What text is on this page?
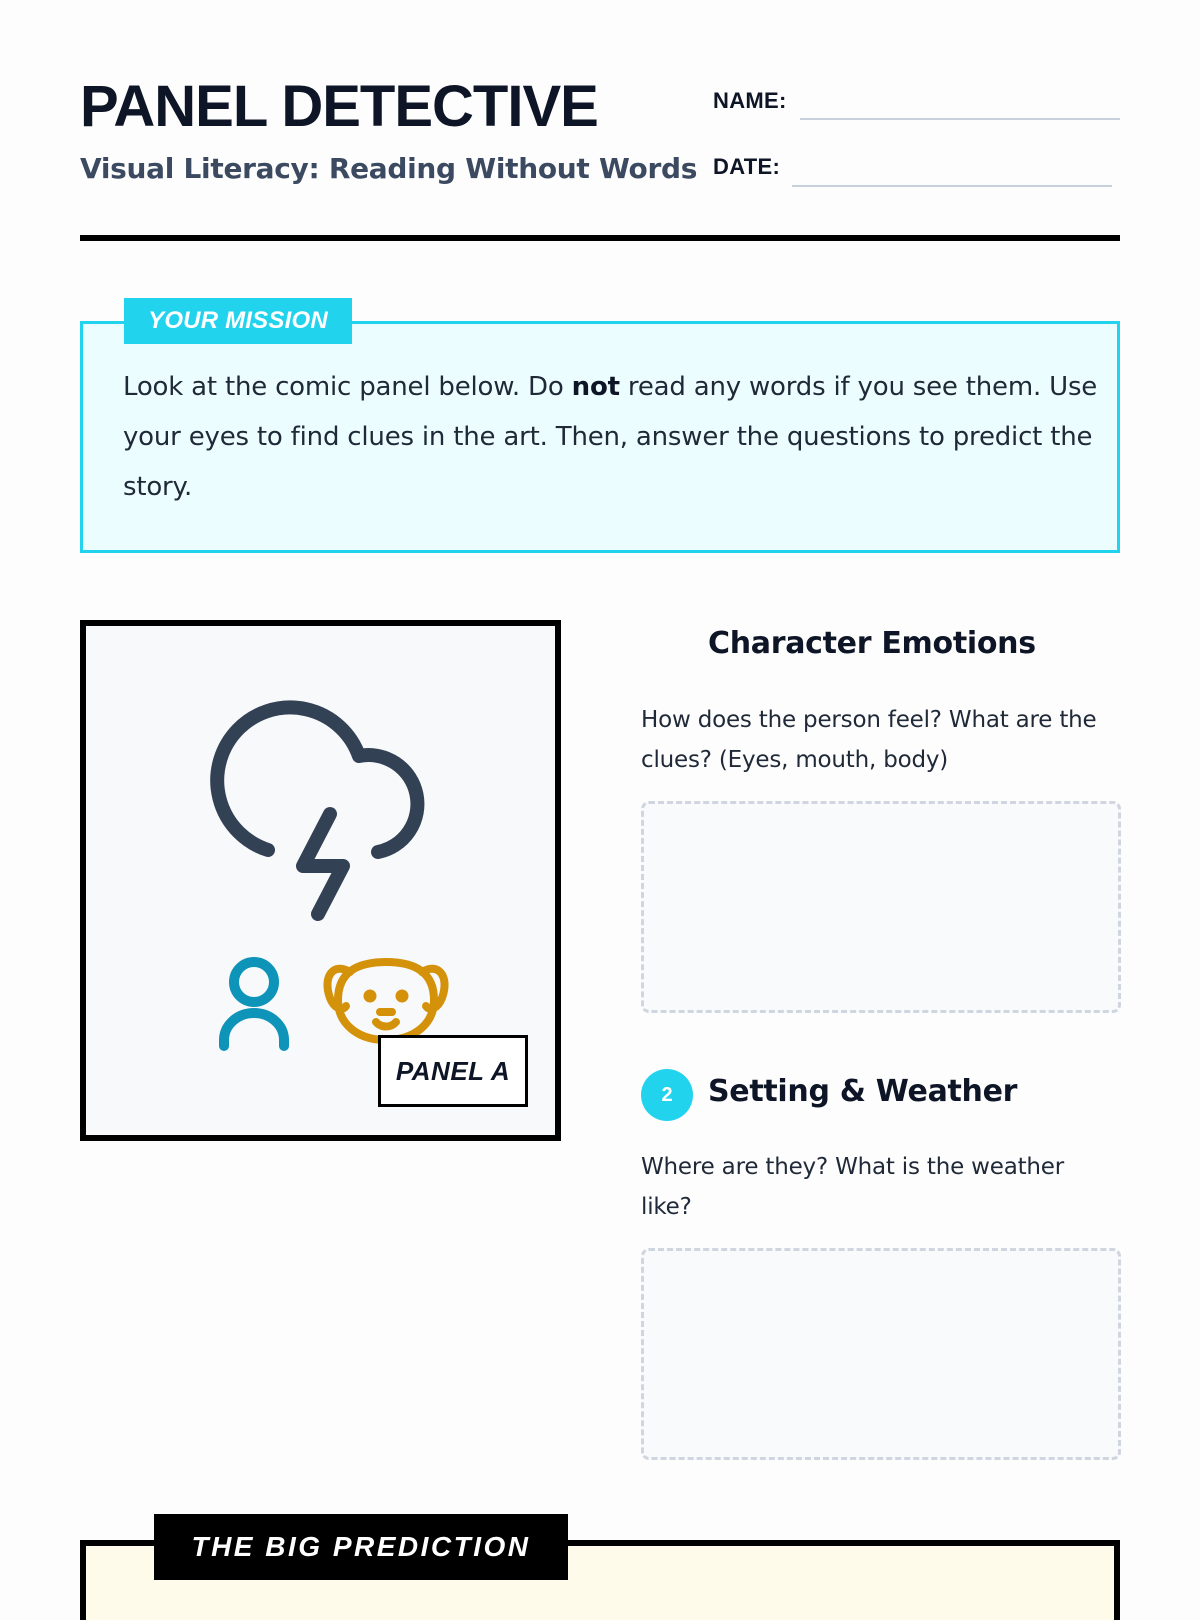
PANEL DETECTIVE

Visual Literacy: Reading Without Words

NAME:
DATE:
YOUR MISSION

Look at the comic panel below. Do not read any words if you see them. Use your eyes to find clues in the art. Then, answer the questions to predict the story.

PANEL A
Character Emotions

How does the person feel? What are the clues? (Eyes, mouth, body)

2	Setting & Weather

Where are they? What is the weather like?

THE BIG PREDICTION
